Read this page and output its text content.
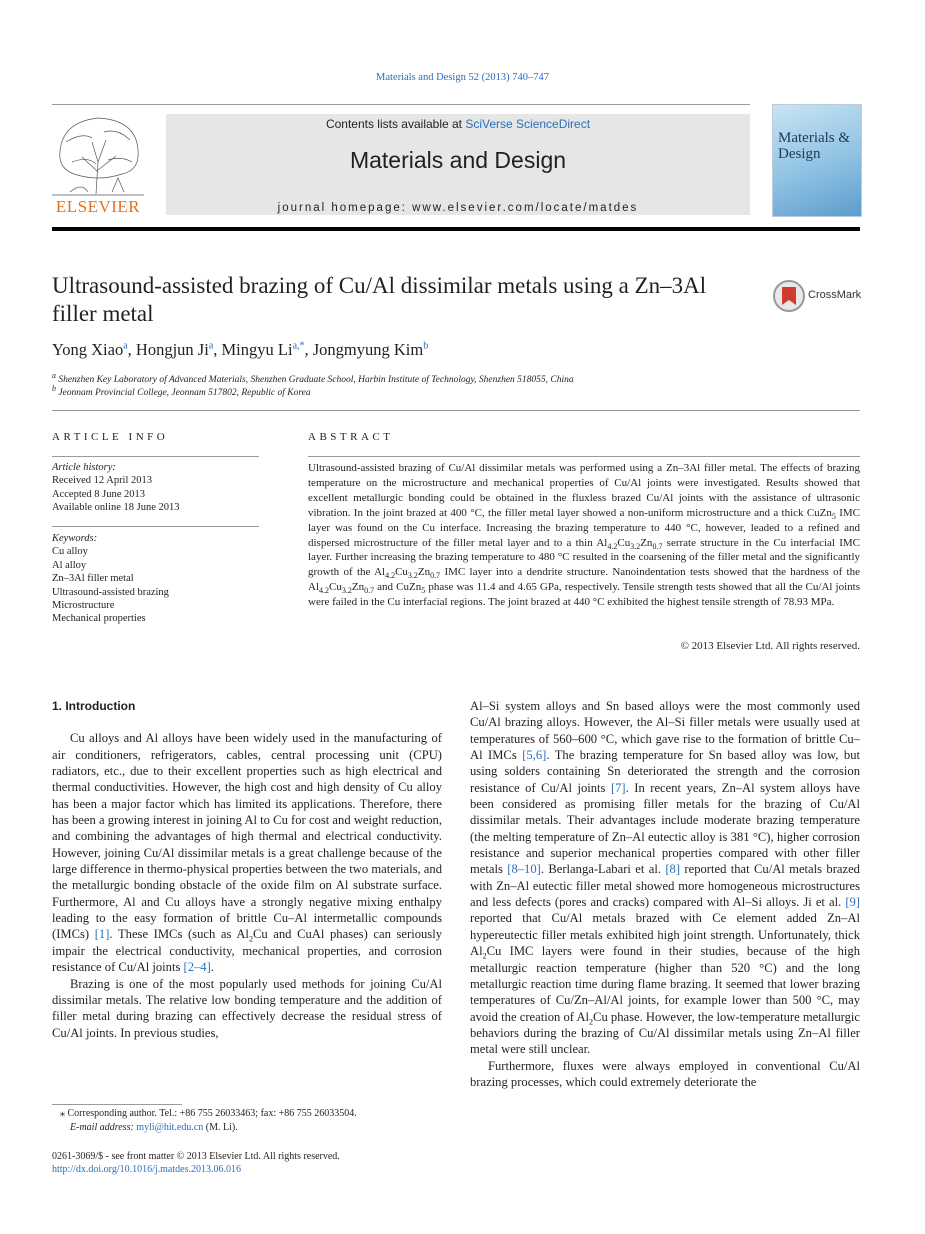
Materials and Design 52 (2013) 740–747
ELSEVIER
Contents lists available at SciVerse ScienceDirect
Materials and Design
journal homepage: www.elsevier.com/locate/matdes
Materials & Design
Ultrasound-assisted brazing of Cu/Al dissimilar metals using a Zn–3Al filler metal
CrossMark
Yong Xiao$^a$, Hongjun Ji$^a$, Mingyu $Li^{a,*}$, Jongmyung Kim$^b$
$^a$ Shenzhen Key Laboratory of Advanced Materials, Shenzhen Graduate School, Harbin Institute of Technology, Shenzhen 518055, China
$^b$ Jeonnam Provincial College, Jeonnam 517802, Republic of Korea
ARTICLE INFO	ABSTRACT
Article history:
Received 12 April 2013
Accepted 8 June 2013
Available online 18 June 2013
Keywords:
Cu alloy
Al alloy
Zn–3Al filler metal
Ultrasound-assisted brazing
Microstructure
Mechanical properties
Ultrasound-assisted brazing of Cu/Al dissimilar metals was performed using a Zn–3Al filler metal. The effects of brazing temperature on the microstructure and mechanical properties of Cu/Al joints were investigated. Results showed that excellent metallurgic bonding could be obtained in the fluxless brazed Cu/Al joints with the assistance of ultrasonic vibration. In the joint brazed at 400 °C, the filler metal layer showed a non-uniform microstructure and a thick CuZn$_5$ IMC layer was found on the Cu interface. Increasing the brazing temperature to 440 °C, however, leaded to a refined and dispersed microstructure of the filler metal layer and to a thin $Al_{4.2}Cu_{3.2}Zn_{0.7}$ serrate structure in the Cu interfacial IMC layer. Further increasing the brazing temperature to 480 °C resulted in the coarsening of the filler metal and the significantly growth of the $Al_{4.2}Cu_{3.2}Zn_{0.7}$ IMC layer into a dendrite structure. Nanoindentation tests showed that the hardness of the $Al_{4.2}Cu_{3.2}Zn_{0.7}$ and CuZn$_5$ phase was 11.4 and 4.65 GPa, respectively. Tensile strength tests showed that all the Cu/Al joints were failed in the Cu interfacial regions. The joint brazed at 440 °C exhibited the highest tensile strength of 78.93 MPa.
© 2013 Elsevier Ltd. All rights reserved.
1. Introduction

Cu alloys and Al alloys have been widely used in the manufacturing of air conditioners, refrigerators, cables, central processing unit (CPU) radiators, etc., due to their excellent properties such as high electrical and thermal conductivities. However, the high cost and high density of Cu alloy has been a major factor which has limited its applications. Therefore, there has been a growing interest in joining Al to Cu for cost and weight reduction, and combining the advantages of high thermal and electrical conductivity. However, joining Cu/Al dissimilar metals is a great challenge because of the large difference in thermo-physical properties between the two materials, and the metallurgic bonding obstacle of the oxide film on Al substrate surface. Furthermore, Al and Cu alloys have a strongly negative mixing enthalpy leading to the easy formation of brittle Cu–Al intermetallic compounds (IMCs) [1]. These IMCs (such as $Al_2Cu$ and CuAl phases) can seriously impair the electrical conductivity, mechanical properties, and corrosion resistance of Cu/Al joints [2–4].

Brazing is one of the most popularly used methods for joining Cu/Al dissimilar metals. The relative low bonding temperature and the addition of filler metal during brazing can effectively decrease the residual stress of Cu/Al joints. In previous studies,

Al–Si system alloys and Sn based alloys were the most commonly used Cu/Al brazing alloys. However, the Al–Si filler metals were usually used at temperatures of 560–600 °C, which gave rise to the formation of brittle Cu–Al IMCs [5,6]. The brazing temperature for Sn based alloy was low, but using solders containing Sn deteriorated the strength and the corrosion resistance of Cu/Al joints [7]. In recent years, Zn–Al system alloys have been considered as promising filler metals for the brazing of Cu/Al dissimilar metals. Their advantages include moderate brazing temperature (the melting temperature of Zn–Al eutectic alloy is 381 °C), higher corrosion resistance and superior mechanical properties compared with other filler metals [8–10]. Berlanga-Labari et al. [8] reported that Cu/Al metals brazed with Zn–Al eutectic filler metal showed more homogeneous microstructures and less defects (pores and cracks) compared with Al–Si alloys. Ji et al. [9] reported that Cu/Al metals brazed with Ce element added Zn–Al hypereutectic filler metals exhibited high joint strength. Unfortunately, thick $Al_2Cu$ IMC layers were found in their studies, because of the high metallurgic reaction temperature (higher than 520 °C) and the long metallurgic reaction time during flame brazing. It seemed that lower brazing temperatures of Cu/Zn–Al/Al joints, for example lower than 500 °C, may avoid the creation of $Al_2Cu$ phase. However, the low-temperature metallurgic behaviors during the brazing of Cu/Al dissimilar metals using Zn–Al filler metal were still unclear.

Furthermore, fluxes were always employed in conventional Cu/Al brazing processes, which could extremely deteriorate the

⁎ Corresponding author. Tel.: +86 755 26033463; fax: +86 755 26033504.
E-mail address: myli@hit.edu.cn (M. Li).
0261-3069/$ - see front matter © 2013 Elsevier Ltd. All rights reserved.
http://dx.doi.org/10.1016/j.matdes.2013.06.016
